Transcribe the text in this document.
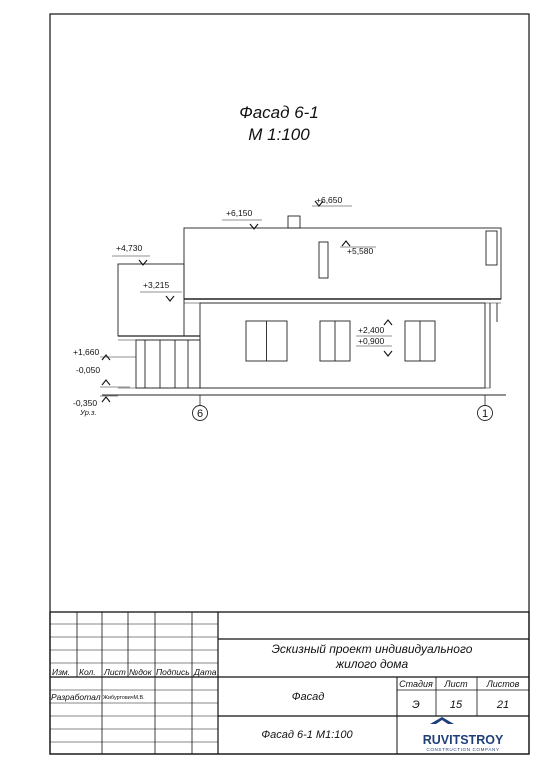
Фасад 6-1
М 1:100
+6,650
+6,150
+5,580
+4,730
+3,215
+2,400
+0,900
+1,660
-0,050
-0,350
Ур.з.	6	1
Эскизный проект индивидуального
жилого дома
Изм. Кол. Лист №док Подпись Дата
Разработал ЖибуртовичМ.В.	Фасад
Стадия Лист Листов
Э	15	21
Фасад 6-1 М1:100	RUVITSTROY
CONSTRUCTION COMPANY
